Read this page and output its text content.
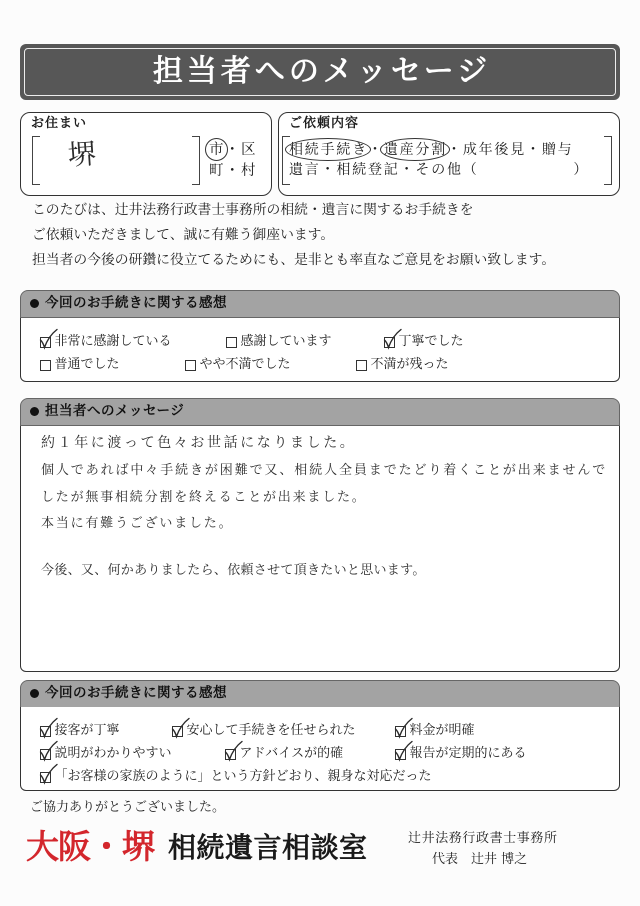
担当者へのメッセージ
お住まい
堺	市・区
町・村
ご依頼内容
相続手続き・遺産分割・成年後見・贈与
遺言・相続登記・その他（　　　　　　）
このたびは、辻井法務行政書士事務所の相続・遺言に関するお手続きを
ご依頼いただきまして、誠に有難う御座います。
担当者の今後の研鑽に役立てるためにも、是非とも率直なご意見をお願い致します。
今回のお手続きに関する感想
非常に感謝している	感謝しています	丁寧でした
普通でした	やや不満でした	不満が残った
担当者へのメッセージ
約１年に渡って色々お世話になりました。
個人であれば中々手続きが困難で又、相続人全員までたどり着くことが出来ませんで
したが無事相続分割を終えることが出来ました。
本当に有難うございました。
今後、又、何かありましたら、依頼させて頂きたいと思います。
今回のお手続きに関する感想
接客が丁寧	安心して手続きを任せられた	料金が明確
説明がわかりやすい	アドバイスが的確	報告が定期的にある
「お客様の家族のように」という方針どおり、親身な対応だった
ご協力ありがとうございました。
大阪・堺 相続遺言相談室	辻井法務行政書士事務所
代表　辻井 博之
